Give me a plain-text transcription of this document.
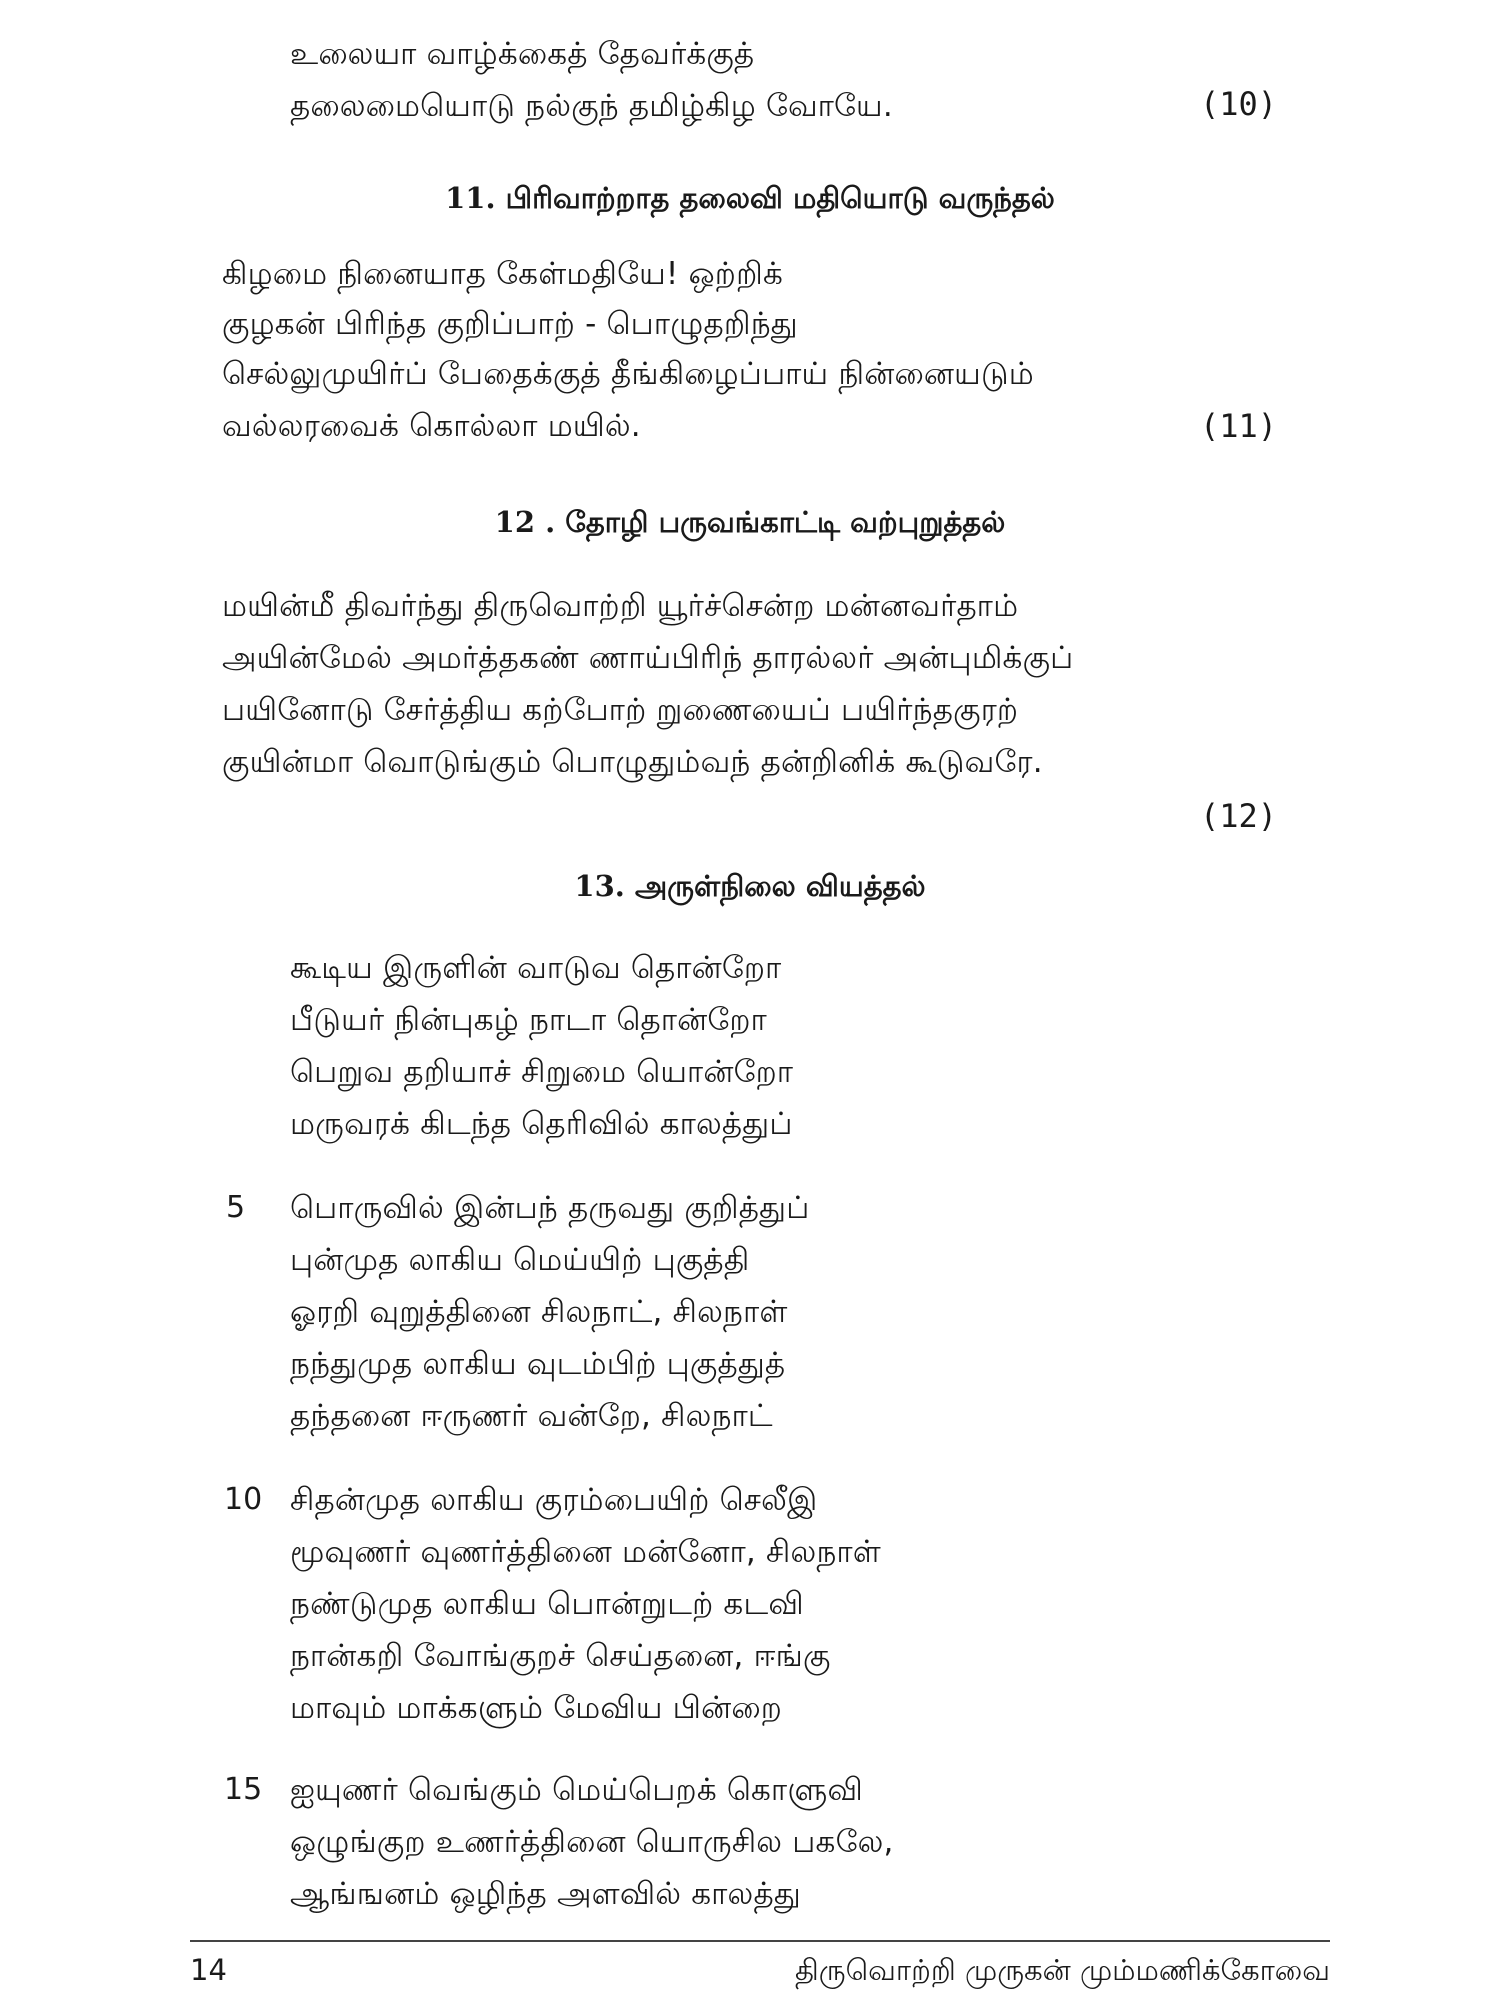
உலையா வாழ்க்கைத் தேவர்க்குத்
தலைமையொடு நல்குந் தமிழ்கிழ வோயே.	(10)
11. பிரிவாற்றாத தலைவி மதியொடு வருந்தல்
கிழமை நினையாத கேள்மதியே! ஒற்றிக்
குழகன் பிரிந்த குறிப்பாற் - பொழுதறிந்து
செல்லுமுயிர்ப் பேதைக்குத் தீங்கிழைப்பாய் நின்னையடும்
வல்லரவைக் கொல்லா மயில்.	(11)
12 . தோழி பருவங்காட்டி வற்புறுத்தல்
மயின்மீ திவர்ந்து திருவொற்றி யூர்ச்சென்ற மன்னவர்தாம்
அயின்மேல் அமர்த்தகண் ணாய்பிரிந் தாரல்லர் அன்புமிக்குப்
பயினோடு சேர்த்திய கற்போற் றுணையைப் பயிர்ந்தகுரற்
குயின்மா வொடுங்கும் பொழுதும்வந் தன்றினிக் கூடுவரே.
(12)
13. அருள்நிலை வியத்தல்
கூடிய இருளின் வாடுவ தொன்றோ
பீடுயர் நின்புகழ் நாடா தொன்றோ
பெறுவ தறியாச் சிறுமை யொன்றோ
மருவரக் கிடந்த தெரிவில் காலத்துப்
5 பொருவில் இன்பந் தருவது குறித்துப்
புன்முத லாகிய மெய்யிற் புகுத்தி
ஓரறி வுறுத்தினை சிலநாட், சிலநாள்
நந்துமுத லாகிய வுடம்பிற் புகுத்துத்
தந்தனை ஈருணர் வன்றே, சிலநாட்
10 சிதன்முத லாகிய குரம்பையிற் செலீஇ
மூவுணர் வுணர்த்தினை மன்னோ, சிலநாள்
நண்டுமுத லாகிய பொன்றுடற் கடவி
நான்கறி வோங்குறச் செய்தனை, ஈங்கு
மாவும் மாக்களும் மேவிய பின்றை
15 ஐயுணர் வெங்கும் மெய்பெறக் கொளுவி
ஒழுங்குற உணர்த்தினை யொருசில பகலே,
ஆங்ஙனம் ஒழிந்த அளவில் காலத்து
14	திருவொற்றி முருகன் மும்மணிக்கோவை
